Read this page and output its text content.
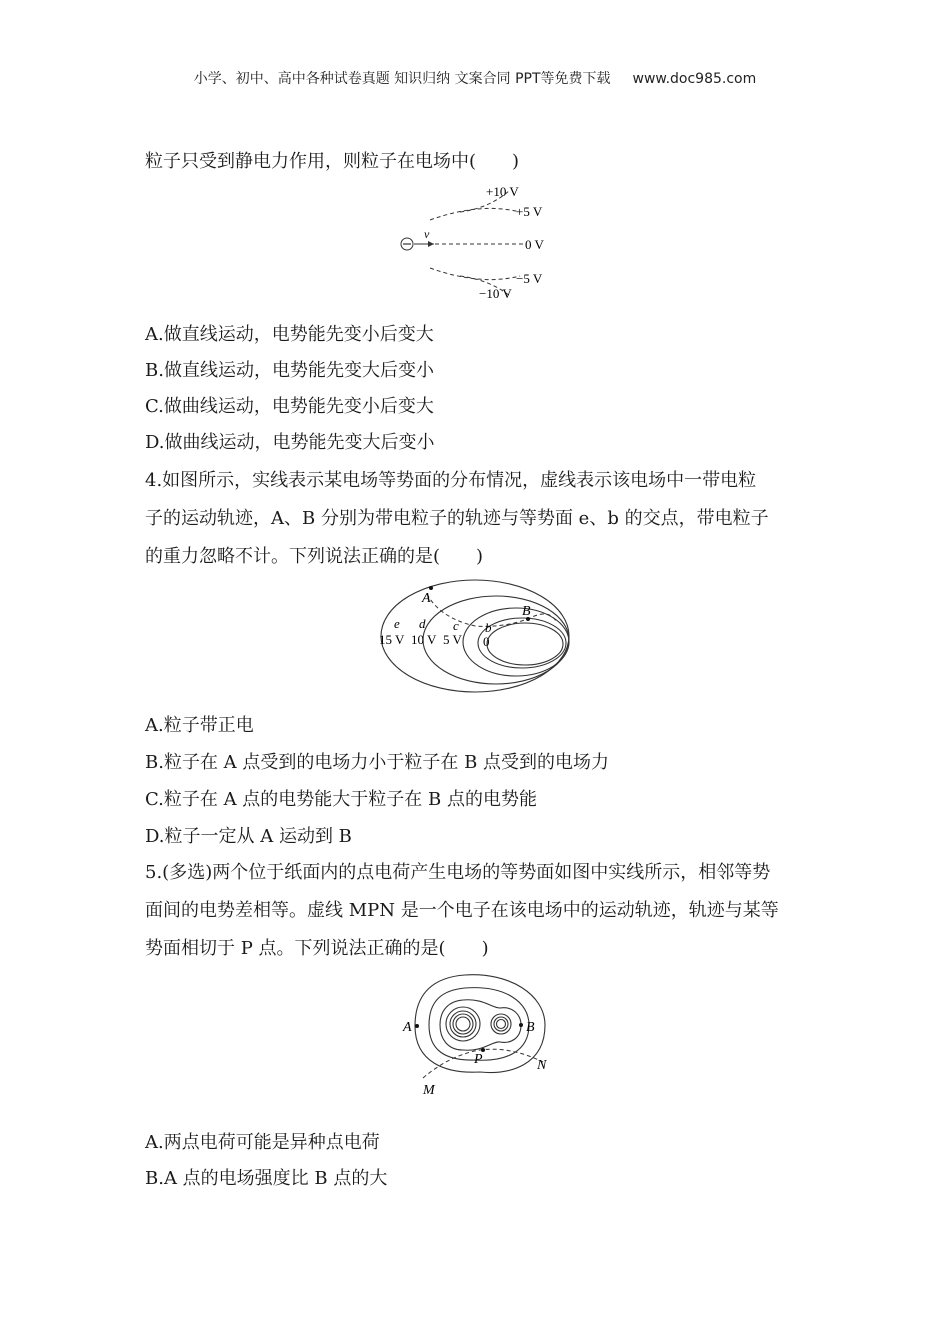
小学、初中、高中各种试卷真题 知识归纳 文案合同 PPT等免费下载 www.doc985.com
粒子只受到静电力作用，则粒子在电场中(　　)
+10 V
+5 V
0 V
−5 V
−10 V
v
A.做直线运动，电势能先变小后变大
B.做直线运动，电势能先变大后变小
C.做曲线运动，电势能先变小后变大
D.做曲线运动，电势能先变大后变小
4.如图所示，实线表示某电场等势面的分布情况，虚线表示该电场中一带电粒
子的运动轨迹，A、B 分别为带电粒子的轨迹与等势面 e、b 的交点，带电粒子
的重力忽略不计。下列说法正确的是(　　)
A
B
e d c b
15 V 10 V 5 V 0
A.粒子带正电
B.粒子在 A 点受到的电场力小于粒子在 B 点受到的电场力
C.粒子在 A 点的电势能大于粒子在 B 点的电势能
D.粒子一定从 A 运动到 B
5.(多选)两个位于纸面内的点电荷产生电场的等势面如图中实线所示，相邻等势
面间的电势差相等。虚线 MPN 是一个电子在该电场中的运动轨迹，轨迹与某等
势面相切于 P 点。下列说法正确的是(　　)
A	B
P	N
M
A.两点电荷可能是异种点电荷
B.A 点的电场强度比 B 点的大
